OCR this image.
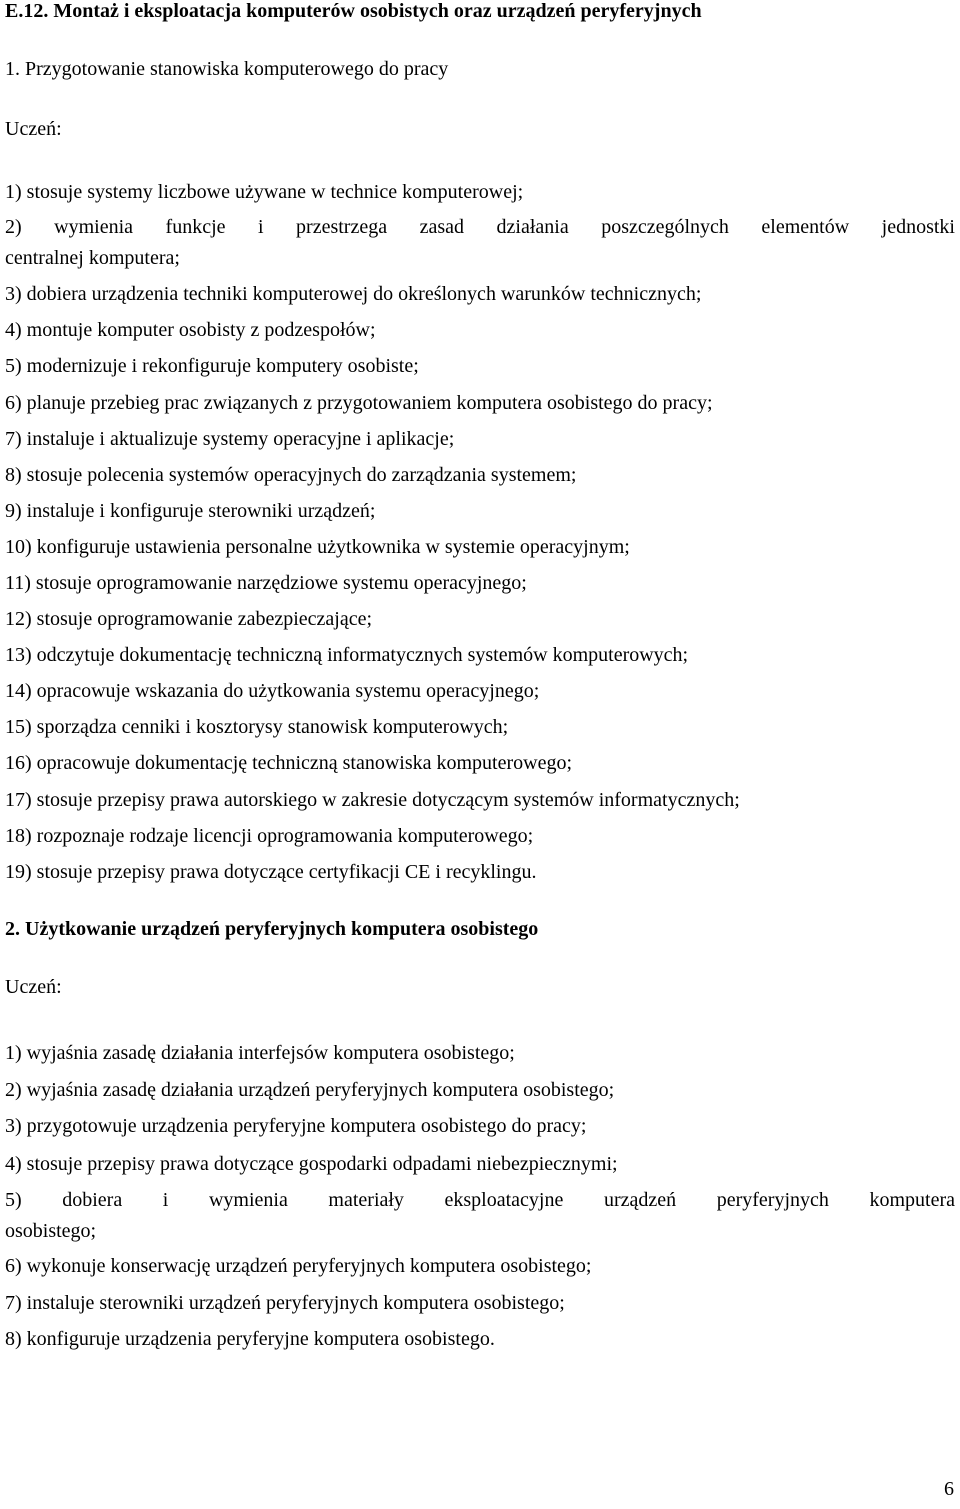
E.12. Montaż i eksploatacja komputerów osobistych oraz urządzeń peryferyjnych
1. Przygotowanie stanowiska komputerowego do pracy
Uczeń:
1) stosuje systemy liczbowe używane w technice komputerowej;
2) wymienia funkcje i przestrzega zasad działania poszczególnych elementów jednostki
centralnej komputera;
3) dobiera urządzenia techniki komputerowej do określonych warunków technicznych;
4) montuje komputer osobisty z podzespołów;
5) modernizuje i rekonfiguruje komputery osobiste;
6) planuje przebieg prac związanych z przygotowaniem komputera osobistego do pracy;
7) instaluje i aktualizuje systemy operacyjne i aplikacje;
8) stosuje polecenia systemów operacyjnych do zarządzania systemem;
9) instaluje i konfiguruje sterowniki urządzeń;
10) konfiguruje ustawienia personalne użytkownika w systemie operacyjnym;
11) stosuje oprogramowanie narzędziowe systemu operacyjnego;
12) stosuje oprogramowanie zabezpieczające;
13) odczytuje dokumentację techniczną informatycznych systemów komputerowych;
14) opracowuje wskazania do użytkowania systemu operacyjnego;
15) sporządza cenniki i kosztorysy stanowisk komputerowych;
16) opracowuje dokumentację techniczną stanowiska komputerowego;
17) stosuje przepisy prawa autorskiego w zakresie dotyczącym systemów informatycznych;
18) rozpoznaje rodzaje licencji oprogramowania komputerowego;
19) stosuje przepisy prawa dotyczące certyfikacji CE i recyklingu.
2. Użytkowanie urządzeń peryferyjnych komputera osobistego
Uczeń:
1) wyjaśnia zasadę działania interfejsów komputera osobistego;
2) wyjaśnia zasadę działania urządzeń peryferyjnych komputera osobistego;
3) przygotowuje urządzenia peryferyjne komputera osobistego do pracy;
4) stosuje przepisy prawa dotyczące gospodarki odpadami niebezpiecznymi;
5) dobiera i wymienia materiały eksploatacyjne urządzeń peryferyjnych komputera
osobistego;
6) wykonuje konserwację urządzeń peryferyjnych komputera osobistego;
7) instaluje sterowniki urządzeń peryferyjnych komputera osobistego;
8) konfiguruje urządzenia peryferyjne komputera osobistego.
6
